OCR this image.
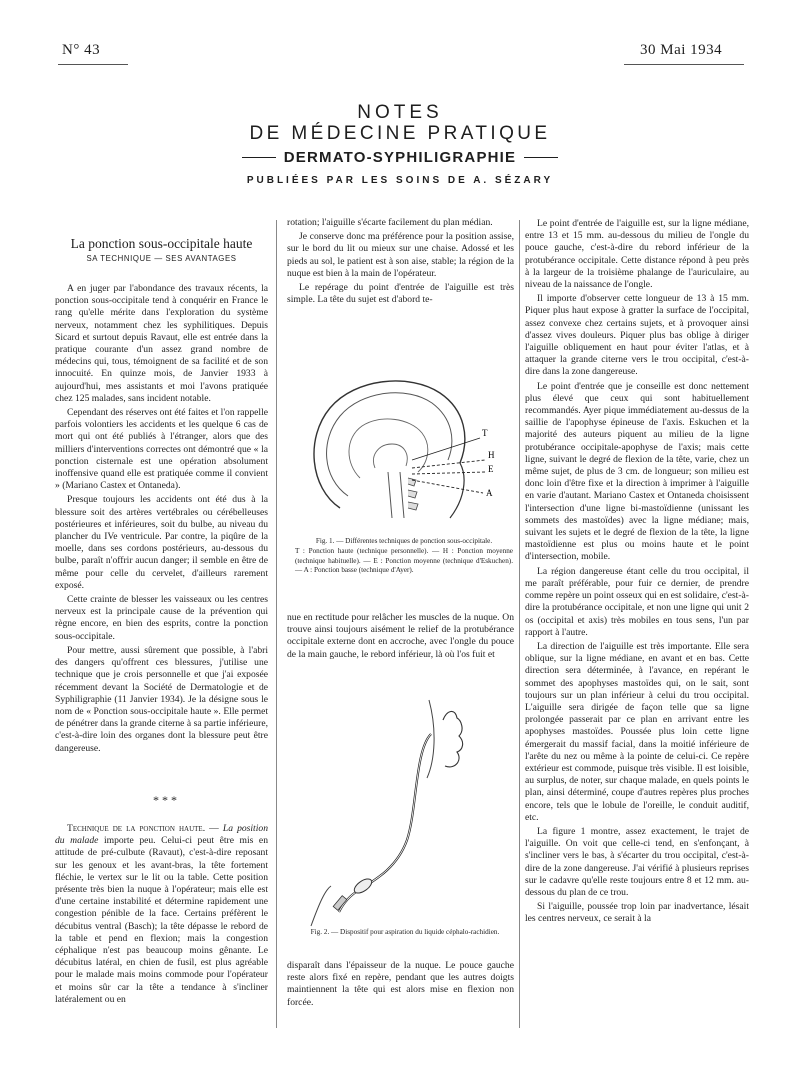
N° 43	30 Mai 1934
NOTES
DE MÉDECINE PRATIQUE
DERMATO-SYPHILIGRAPHIE
PUBLIÉES PAR LES SOINS DE A. SÉZARY
La ponction sous-occipitale haute
SA TECHNIQUE — SES AVANTAGES

A en juger par l'abondance des travaux récents, la ponction sous-occipitale tend à conquérir en France le rang qu'elle mérite dans l'exploration du système nerveux, notamment chez les syphilitiques. Depuis Sicard et surtout depuis Ravaut, elle est entrée dans la pratique courante d'un assez grand nombre de médecins qui, tous, témoignent de sa facilité et de son innocuité. En quinze mois, de Janvier 1933 à aujourd'hui, mes assistants et moi l'avons pratiquée chez 125 malades, sans incident notable.

Cependant des réserves ont été faites et l'on rappelle parfois volontiers les accidents et les quelque 6 cas de mort qui ont été publiés à l'étranger, alors que des milliers d'interventions correctes ont démontré que « la ponction cisternale est une opération absolument inoffensive quand elle est pratiquée comme il convient » (Mariano Castex et Ontaneda).

Presque toujours les accidents ont été dus à la blessure soit des artères vertébrales ou cérébelleuses postérieures et inférieures, soit du bulbe, au niveau du plancher du IVe ventricule. Par contre, la piqûre de la moelle, dans ses cordons postérieurs, au-dessous du bulbe, paraît n'offrir aucun danger; il semble en être de même pour celle du cervelet, d'ailleurs rarement exposé.

Cette crainte de blesser les vaisseaux ou les centres nerveux est la principale cause de la prévention qui règne encore, en bien des esprits, contre la ponction sous-occipitale.

Pour mettre, aussi sûrement que possible, à l'abri des dangers qu'offrent ces blessures, j'utilise une technique que je crois personnelle et que j'ai exposée récemment devant la Société de Dermatologie et de Syphiligraphie (11 Janvier 1934). Je la désigne sous le nom de « Ponction sous-occipitale haute ». Elle permet de pénétrer dans la grande citerne à sa partie inférieure, c'est-à-dire loin des organes dont la blessure peut être dangereuse.

* * *

Technique de la ponction haute. — La position du malade importe peu. Celui-ci peut être mis en attitude de pré-culbute (Ravaut), c'est-à-dire reposant sur les genoux et les avant-bras, la tête fortement fléchie, le vertex sur le lit ou la table. Cette position présente très bien la nuque à l'opérateur; mais elle est d'une certaine instabilité et détermine rapidement une congestion pénible de la face. Certains préfèrent le décubitus ventral (Basch); la tête dépasse le rebord de la table et pend en flexion; mais la congestion céphalique n'est pas beaucoup moins gênante. Le décubitus latéral, en chien de fusil, est plus agréable pour le malade mais moins commode pour l'opérateur et moins sûr car la tête a tendance à s'incliner latéralement ou en

rotation; l'aiguille s'écarte facilement du plan médian.

Je conserve donc ma préférence pour la position assise, sur le bord du lit ou mieux sur une chaise. Adossé et les pieds au sol, le patient est à son aise, stable; la région de la nuque est bien à la main de l'opérateur.

Le repérage du point d'entrée de l'aiguille est très simple. La tête du sujet est d'abord te-

T
H
E
A
Fig. 1. — Différentes techniques de ponction sous-occipitale.
T : Ponction haute (technique personnelle). — H : Ponction moyenne (technique habituelle). — E : Ponction moyenne (technique d'Eskuchen). — A : Ponction basse (technique d'Ayer).

nue en rectitude pour relâcher les muscles de la nuque. On trouve ainsi toujours aisément le relief de la protubérance occipitale externe dont en accroche, avec l'ongle du pouce de la main gauche, le rebord inférieur, là où l'os fuit et

Fig. 2. — Dispositif pour aspiration du liquide céphalo-rachidien.

disparaît dans l'épaisseur de la nuque. Le pouce gauche reste alors fixé en repère, pendant que les autres doigts maintiennent la tête qui est alors mise en flexion non forcée.

Le point d'entrée de l'aiguille est, sur la ligne médiane, entre 13 et 15 mm. au-dessous du milieu de l'ongle du pouce gauche, c'est-à-dire du rebord inférieur de la protubérance occipitale. Cette distance répond à peu près à la largeur de la troisième phalange de l'auriculaire, au niveau de la naissance de l'ongle.

Il importe d'observer cette longueur de 13 à 15 mm. Piquer plus haut expose à gratter la surface de l'occipital, assez convexe chez certains sujets, et à provoquer ainsi d'assez vives douleurs. Piquer plus bas oblige à diriger l'aiguille obliquement en haut pour éviter l'atlas, et à attaquer la grande citerne vers le trou occipital, c'est-à-dire dans la zone dangereuse.

Le point d'entrée que je conseille est donc nettement plus élevé que ceux qui sont habituellement recommandés. Ayer pique immédiatement au-dessus de la saillie de l'apophyse épineuse de l'axis. Eskuchen et la majorité des auteurs piquent au milieu de la ligne protubérance occipitale-apophyse de l'axis; mais cette ligne, suivant le degré de flexion de la tête, varie, chez un même sujet, de plus de 3 cm. de longueur; son milieu est donc loin d'être fixe et la direction à imprimer à l'aiguille en varie d'autant. Mariano Castex et Ontaneda choisissent l'intersection d'une ligne bi-mastoïdienne (unissant les sommets des mastoïdes) avec la ligne médiane; mais, suivant les sujets et le degré de flexion de la tête, la ligne mastoïdienne est plus ou moins haute et le point d'intersection, mobile.

La région dangereuse étant celle du trou occipital, il me paraît préférable, pour fuir ce dernier, de prendre comme repère un point osseux qui en est solidaire, c'est-à-dire la protubérance occipitale, et non une ligne qui unit 2 os (occipital et axis) très mobiles en tous sens, l'un par rapport à l'autre.

La direction de l'aiguille est très importante. Elle sera oblique, sur la ligne médiane, en avant et en bas. Cette direction sera déterminée, à l'avance, en repérant le sommet des apophyses mastoïdes qui, on le sait, sont toujours sur un plan inférieur à celui du trou occipital. L'aiguille sera dirigée de façon telle que sa ligne prolongée passerait par ce plan en arrivant entre les apophyses mastoïdes. Poussée plus loin cette ligne émergerait du massif facial, dans la moitié inférieure de l'arête du nez ou même à la pointe de celui-ci. Ce repère extérieur est commode, puisque très visible. Il est loisible, au surplus, de noter, sur chaque malade, en quels points le plan, ainsi déterminé, coupe d'autres repères plus proches encore, tels que le lobule de l'oreille, le conduit auditif, etc.

La figure 1 montre, assez exactement, le trajet de l'aiguille. On voit que celle-ci tend, en s'enfonçant, à s'incliner vers le bas, à s'écarter du trou occipital, c'est-à-dire de la zone dangereuse. J'ai vérifié à plusieurs reprises sur le cadavre qu'elle reste toujours entre 8 et 12 mm. au-dessous du plan de ce trou.

Si l'aiguille, poussée trop loin par inadvertance, lésait les centres nerveux, ce serait à la
